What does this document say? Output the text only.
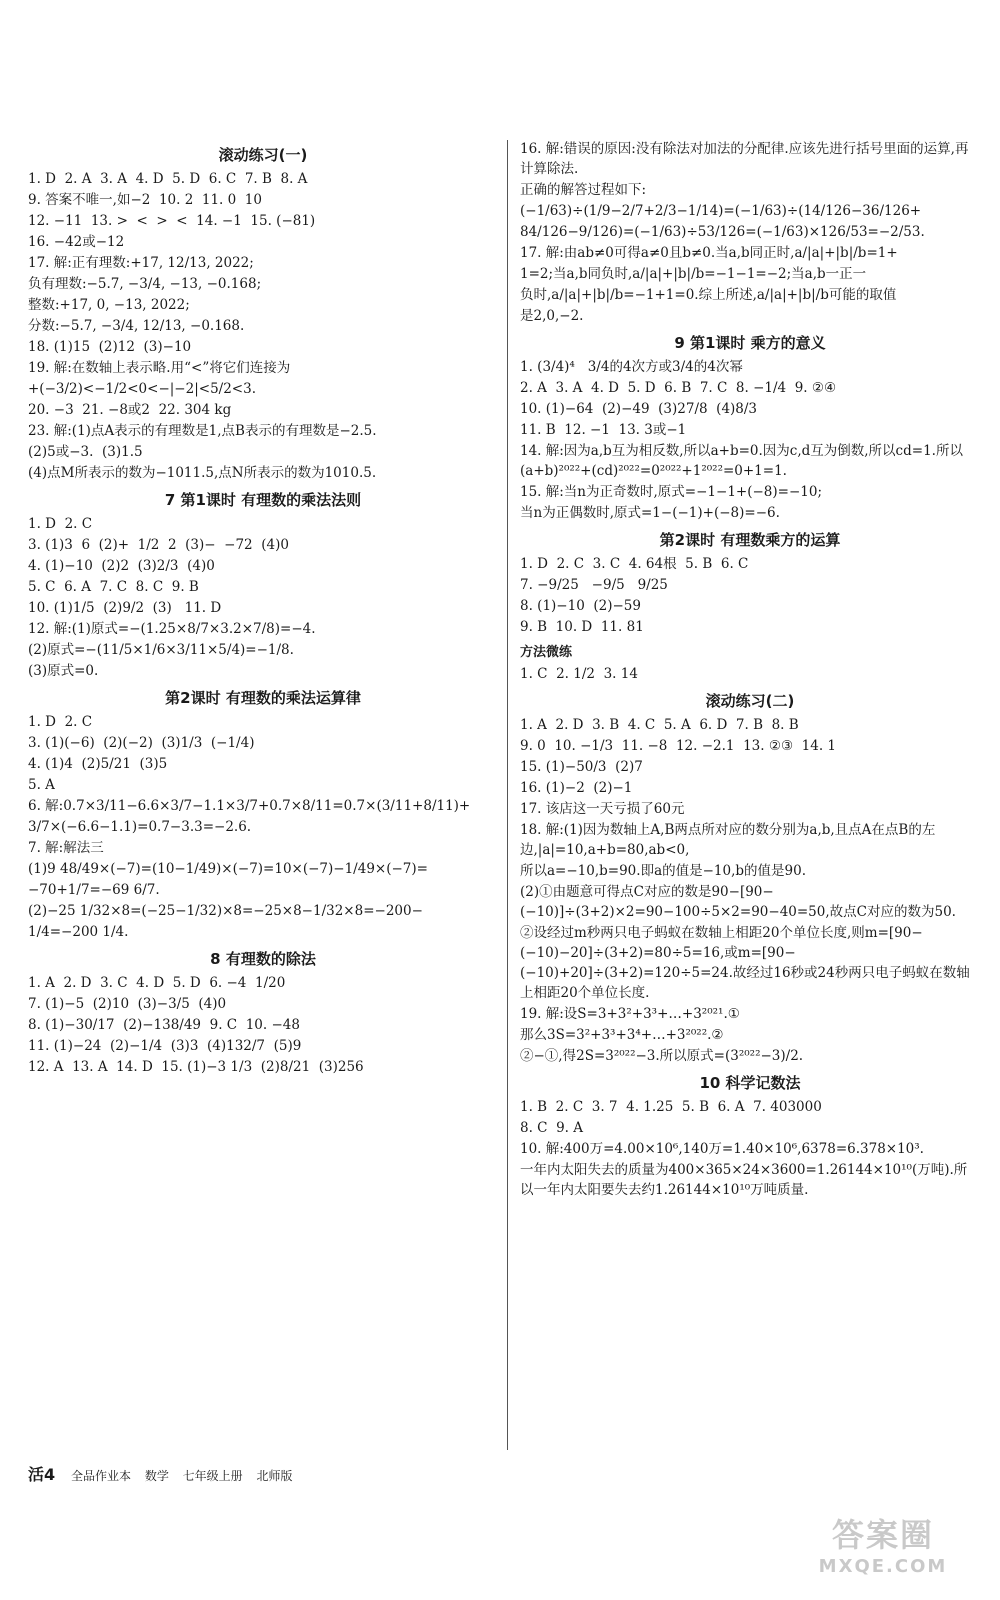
滚动练习(一)
1. D  2. A  3. A  4. D  5. D  6. C  7. B  8. A
9. 答案不唯一,如−2  10. 2  11. 0  10
12. −11  13. >  <  >  <  14. −1  15. (−81)
16. −42或−12
17. 解:正有理数:+17, 12/13, 2022;
负有理数:−5.7, −3/4, −13, −0.168;
整数:+17, 0, −13, 2022;
分数:−5.7, −3/4, 12/13, −0.168.
18. (1)15  (2)12  (3)−10
19. 解:在数轴上表示略.用“<”将它们连接为
+(−3/2)<−1/2<0<−|−2|<5/2<3.
20. −3  21. −8或2  22. 304 kg
23. 解:(1)点A表示的有理数是1,点B表示的有理数是−2.5.
(2)5或−3.  (3)1.5
(4)点M所表示的数为−1011.5,点N所表示的数为1010.5.
7 第1课时 有理数的乘法法则
1. D  2. C
3. (1)3  6  (2)+  1/2  2  (3)−  −72  (4)0
4. (1)−10  (2)2  (3)2/3  (4)0
5. C  6. A  7. C  8. C  9. B
10. (1)1/5  (2)9/2  (3)   11. D
12. 解:(1)原式=−(1.25×8/7×3.2×7/8)=−4.
(2)原式=−(11/5×1/6×3/11×5/4)=−1/8.
(3)原式=0.
第2课时 有理数的乘法运算律
1. D  2. C
3. (1)(−6)  (2)(−2)  (3)1/3  (−1/4)
4. (1)4  (2)5/21  (3)5
5. A
6. 解:0.7×3/11−6.6×3/7−1.1×3/7+0.7×8/11=0.7×(3/11+8/11)+
3/7×(−6.6−1.1)=0.7−3.3=−2.6.
7. 解:解法三
(1)9 48/49×(−7)=(10−1/49)×(−7)=10×(−7)−1/49×(−7)=
−70+1/7=−69 6/7.
(2)−25 1/32×8=(−25−1/32)×8=−25×8−1/32×8=−200−
1/4=−200 1/4.
8 有理数的除法
1. A  2. D  3. C  4. D  5. D  6. −4  1/20
7. (1)−5  (2)10  (3)−3/5  (4)0
8. (1)−30/17  (2)−138/49  9. C  10. −48
11. (1)−24  (2)−1/4  (3)3  (4)132/7  (5)9
12. A  13. A  14. D  15. (1)−3 1/3  (2)8/21  (3)256
16. 解:错误的原因:没有除法对加法的分配律.应该先进行括号里面的运算,再计算除法.
正确的解答过程如下:
(−1/63)÷(1/9−2/7+2/3−1/14)=(−1/63)÷(14/126−36/126+
84/126−9/126)=(−1/63)÷53/126=(−1/63)×126/53=−2/53.
17. 解:由ab≠0可得a≠0且b≠0.当a,b同正时,a/|a|+|b|/b=1+
1=2;当a,b同负时,a/|a|+|b|/b=−1−1=−2;当a,b一正一
负时,a/|a|+|b|/b=−1+1=0.综上所述,a/|a|+|b|/b可能的取值
是2,0,−2.
9 第1课时 乘方的意义
1. (3/4)⁴   3/4的4次方或3/4的4次幂
2. A  3. A  4. D  5. D  6. B  7. C  8. −1/4  9. ②④
10. (1)−64  (2)−49  (3)27/8  (4)8/3
11. B  12. −1  13. 3或−1
14. 解:因为a,b互为相反数,所以a+b=0.因为c,d互为倒数,所以cd=1.所以(a+b)²⁰²²+(cd)²⁰²²=0²⁰²²+1²⁰²²=0+1=1.
15. 解:当n为正奇数时,原式=−1−1+(−8)=−10;
当n为正偶数时,原式=1−(−1)+(−8)=−6.
第2课时 有理数乘方的运算
1. D  2. C  3. C  4. 64根  5. B  6. C
7. −9/25   −9/5   9/25
8. (1)−10  (2)−59
9. B  10. D  11. 81
方法微练
1. C  2. 1/2  3. 14
滚动练习(二)
1. A  2. D  3. B  4. C  5. A  6. D  7. B  8. B
9. 0  10. −1/3  11. −8  12. −2.1  13. ②③  14. 1
15. (1)−50/3  (2)7
16. (1)−2  (2)−1
17. 该店这一天亏损了60元
18. 解:(1)因为数轴上A,B两点所对应的数分别为a,b,且点A在点B的左边,|a|=10,a+b=80,ab<0,
所以a=−10,b=90.即a的值是−10,b的值是90.
(2)①由题意可得点C对应的数是90−[90−(−10)]÷(3+2)×2=90−100÷5×2=90−40=50,故点C对应的数为50.
②设经过m秒两只电子蚂蚁在数轴上相距20个单位长度,则m=[90−(−10)−20]÷(3+2)=80÷5=16,或m=[90−(−10)+20]÷(3+2)=120÷5=24.故经过16秒或24秒两只电子蚂蚁在数轴上相距20个单位长度.
19. 解:设S=3+3²+3³+…+3²⁰²¹.①
那么3S=3²+3³+3⁴+…+3²⁰²².②
②−①,得2S=3²⁰²²−3.所以原式=(3²⁰²²−3)/2.
10 科学记数法
1. B  2. C  3. 7  4. 1.25  5. B  6. A  7. 403000
8. C  9. A
10. 解:400万=4.00×10⁶,140万=1.40×10⁶,6378=6.378×10³.
一年内太阳失去的质量为400×365×24×3600=1.26144×10¹⁰(万吨).所以一年内太阳要失去约1.26144×10¹⁰万吨质量.
活4 全品作业本 数学 七年级上册 北师版
答案圈
MXQE.COM
